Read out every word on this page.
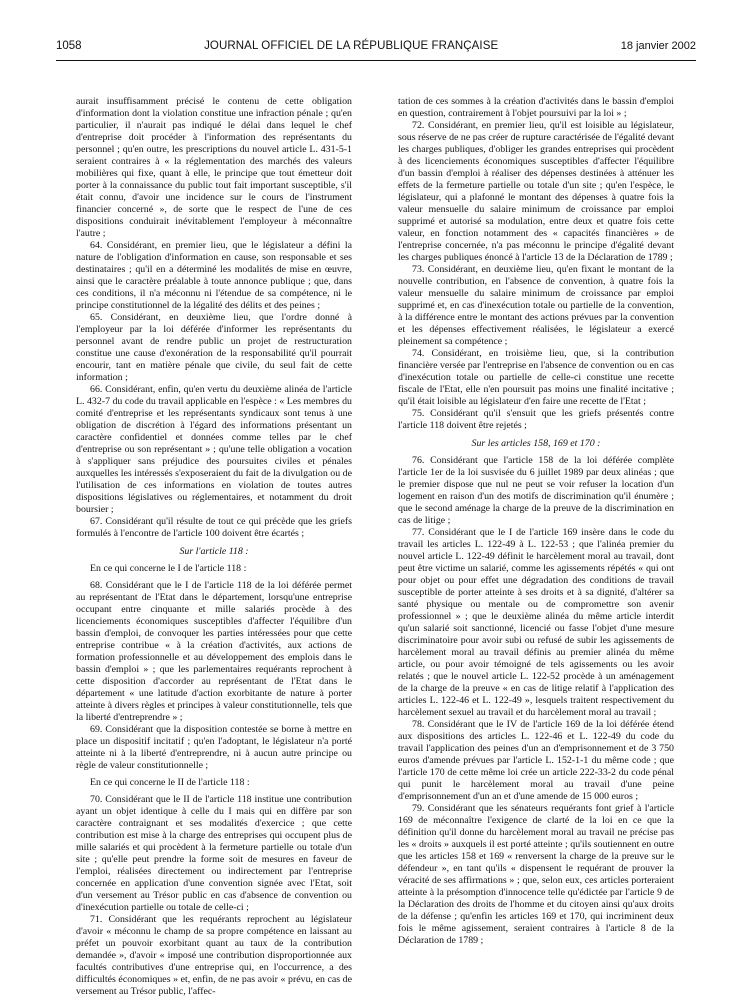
1058	JOURNAL OFFICIEL DE LA RÉPUBLIQUE FRANÇAISE	18 janvier 2002

aurait insuffisamment précisé le contenu de cette obligation d'information dont la violation constitue une infraction pénale ; qu'en particulier, il n'aurait pas indiqué le délai dans lequel le chef d'entreprise doit procéder à l'information des représentants du personnel ; qu'en outre, les prescriptions du nouvel article L. 431-5-1 seraient contraires à « la réglementation des marchés des valeurs mobilières qui fixe, quant à elle, le principe que tout émetteur doit porter à la connaissance du public tout fait important susceptible, s'il était connu, d'avoir une incidence sur le cours de l'instrument financier concerné », de sorte que le respect de l'une de ces dispositions conduirait inévitablement l'employeur à méconnaître l'autre ;

64. Considérant, en premier lieu, que le législateur a défini la nature de l'obligation d'information en cause, son responsable et ses destinataires ; qu'il en a déterminé les modalités de mise en œuvre, ainsi que le caractère préalable à toute annonce publique ; que, dans ces conditions, il n'a méconnu ni l'étendue de sa compétence, ni le principe constitutionnel de la légalité des délits et des peines ;

65. Considérant, en deuxième lieu, que l'ordre donné à l'employeur par la loi déférée d'informer les représentants du personnel avant de rendre public un projet de restructuration constitue une cause d'exonération de la responsabilité qu'il pourrait encourir, tant en matière pénale que civile, du seul fait de cette information ;

66. Considérant, enfin, qu'en vertu du deuxième alinéa de l'article L. 432-7 du code du travail applicable en l'espèce : « Les membres du comité d'entreprise et les représentants syndicaux sont tenus à une obligation de discrétion à l'égard des informations présentant un caractère confidentiel et données comme telles par le chef d'entreprise ou son représentant » ; qu'une telle obligation a vocation à s'appliquer sans préjudice des poursuites civiles et pénales auxquelles les intéressés s'exposeraient du fait de la divulgation ou de l'utilisation de ces informations en violation de toutes autres dispositions législatives ou réglementaires, et notamment du droit boursier ;

67. Considérant qu'il résulte de tout ce qui précède que les griefs formulés à l'encontre de l'article 100 doivent être écartés ;

Sur l'article 118 :

En ce qui concerne le I de l'article 118 :

68. Considérant que le I de l'article 118 de la loi déférée permet au représentant de l'Etat dans le département, lorsqu'une entreprise occupant entre cinquante et mille salariés procède à des licenciements économiques susceptibles d'affecter l'équilibre d'un bassin d'emploi, de convoquer les parties intéressées pour que cette entreprise contribue « à la création d'activités, aux actions de formation professionnelle et au développement des emplois dans le bassin d'emploi » ; que les parlementaires requérants reprochent à cette disposition d'accorder au représentant de l'Etat dans le département « une latitude d'action exorbitante de nature à porter atteinte à divers règles et principes à valeur constitutionnelle, tels que la liberté d'entreprendre » ;

69. Considérant que la disposition contestée se borne à mettre en place un dispositif incitatif ; qu'en l'adoptant, le législateur n'a porté atteinte ni à la liberté d'entreprendre, ni à aucun autre principe ou règle de valeur constitutionnelle ;

En ce qui concerne le II de l'article 118 :

70. Considérant que le II de l'article 118 institue une contribution ayant un objet identique à celle du I mais qui en diffère par son caractère contraignant et ses modalités d'exercice ; que cette contribution est mise à la charge des entreprises qui occupent plus de mille salariés et qui procèdent à la fermeture partielle ou totale d'un site ; qu'elle peut prendre la forme soit de mesures en faveur de l'emploi, réalisées directement ou indirectement par l'entreprise concernée en application d'une convention signée avec l'Etat, soit d'un versement au Trésor public en cas d'absence de convention ou d'inexécution partielle ou totale de celle-ci ;

71. Considérant que les requérants reprochent au législateur d'avoir « méconnu le champ de sa propre compétence en laissant au préfet un pouvoir exorbitant quant au taux de la contribution demandée », d'avoir « imposé une contribution disproportionnée aux facultés contributives d'une entreprise qui, en l'occurrence, a des difficultés économiques » et, enfin, de ne pas avoir « prévu, en cas de versement au Trésor public, l'affec-

tation de ces sommes à la création d'activités dans le bassin d'emploi en question, contrairement à l'objet poursuivi par la loi » ;

72. Considérant, en premier lieu, qu'il est loisible au législateur, sous réserve de ne pas créer de rupture caractérisée de l'égalité devant les charges publiques, d'obliger les grandes entreprises qui procèdent à des licenciements économiques susceptibles d'affecter l'équilibre d'un bassin d'emploi à réaliser des dépenses destinées à atténuer les effets de la fermeture partielle ou totale d'un site ; qu'en l'espèce, le législateur, qui a plafonné le montant des dépenses à quatre fois la valeur mensuelle du salaire minimum de croissance par emploi supprimé et autorisé sa modulation, entre deux et quatre fois cette valeur, en fonction notamment des « capacités financières » de l'entreprise concernée, n'a pas méconnu le principe d'égalité devant les charges publiques énoncé à l'article 13 de la Déclaration de 1789 ;

73. Considérant, en deuxième lieu, qu'en fixant le montant de la nouvelle contribution, en l'absence de convention, à quatre fois la valeur mensuelle du salaire minimum de croissance par emploi supprimé et, en cas d'inexécution totale ou partielle de la convention, à la différence entre le montant des actions prévues par la convention et les dépenses effectivement réalisées, le législateur a exercé pleinement sa compétence ;

74. Considérant, en troisième lieu, que, si la contribution financière versée par l'entreprise en l'absence de convention ou en cas d'inexécution totale ou partielle de celle-ci constitue une recette fiscale de l'Etat, elle n'en poursuit pas moins une finalité incitative ; qu'il était loisible au législateur d'en faire une recette de l'Etat ;

75. Considérant qu'il s'ensuit que les griefs présentés contre l'article 118 doivent être rejetés ;

Sur les articles 158, 169 et 170 :

76. Considérant que l'article 158 de la loi déférée complète l'article 1er de la loi susvisée du 6 juillet 1989 par deux alinéas ; que le premier dispose que nul ne peut se voir refuser la location d'un logement en raison d'un des motifs de discrimination qu'il énumère ; que le second aménage la charge de la preuve de la discrimination en cas de litige ;

77. Considérant que le I de l'article 169 insère dans le code du travail les articles L. 122-49 à L. 122-53 ; que l'alinéa premier du nouvel article L. 122-49 définit le harcèlement moral au travail, dont peut être victime un salarié, comme les agissements répétés « qui ont pour objet ou pour effet une dégradation des conditions de travail susceptible de porter atteinte à ses droits et à sa dignité, d'altérer sa santé physique ou mentale ou de compromettre son avenir professionnel » ; que le deuxième alinéa du même article interdit qu'un salarié soit sanctionné, licencié ou fasse l'objet d'une mesure discriminatoire pour avoir subi ou refusé de subir les agissements de harcèlement moral au travail définis au premier alinéa du même article, ou pour avoir témoigné de tels agissements ou les avoir relatés ; que le nouvel article L. 122-52 procède à un aménagement de la charge de la preuve « en cas de litige relatif à l'application des articles L. 122-46 et L. 122-49 », lesquels traitent respectivement du harcèlement sexuel au travail et du harcèlement moral au travail ;

78. Considérant que le IV de l'article 169 de la loi déférée étend aux dispositions des articles L. 122-46 et L. 122-49 du code du travail l'application des peines d'un an d'emprisonnement et de 3 750 euros d'amende prévues par l'article L. 152-1-1 du même code ; que l'article 170 de cette même loi crée un article 222-33-2 du code pénal qui punit le harcèlement moral au travail d'une peine d'emprisonnement d'un an et d'une amende de 15 000 euros ;

79. Considérant que les sénateurs requérants font grief à l'article 169 de méconnaître l'exigence de clarté de la loi en ce que la définition qu'il donne du harcèlement moral au travail ne précise pas les « droits » auxquels il est porté atteinte ; qu'ils soutiennent en outre que les articles 158 et 169 « renversent la charge de la preuve sur le défendeur », en tant qu'ils « dispensent le requérant de prouver la véracité de ses affirmations » ; que, selon eux, ces articles porteraient atteinte à la présomption d'innocence telle qu'édictée par l'article 9 de la Déclaration des droits de l'homme et du citoyen ainsi qu'aux droits de la défense ; qu'enfin les articles 169 et 170, qui incriminent deux fois le même agissement, seraient contraires à l'article 8 de la Déclaration de 1789 ;
